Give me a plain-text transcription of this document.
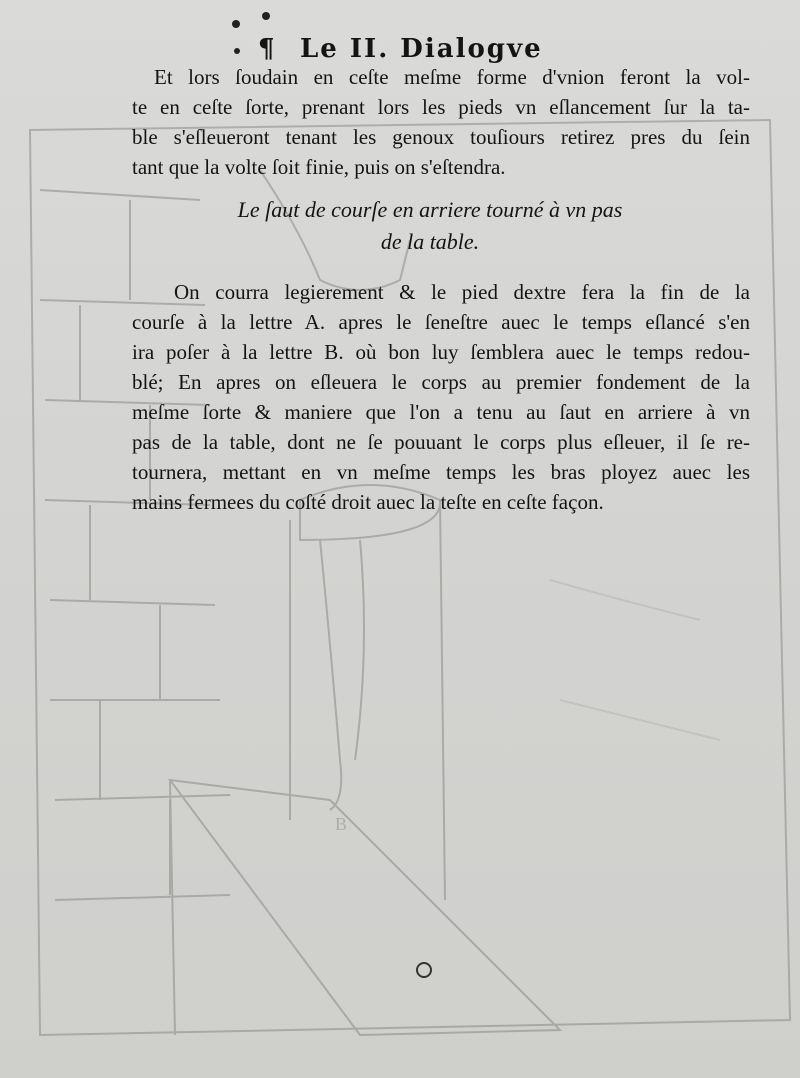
B
¶ Le II. Dialogve
Et lors ſoudain en ceſte meſme forme d'vnion feront la vol-
te en ceſte ſorte, prenant lors les pieds vn eſlancement ſur la ta-
ble s'eſleueront tenant les genoux touſiours retirez pres du ſein
tant que la volte ſoit finie, puis on s'eſtendra.
Le ſaut de courſe en arriere tourné à vn pas
de la table.
On courra legierement & le pied dextre fera la fin de la
courſe à la lettre A. apres le ſeneſtre auec le temps eſlancé s'en
ira poſer à la lettre B. où bon luy ſemblera auec le temps redou-
blé; En apres on eſleuera le corps au premier fondement de la
meſme ſorte & maniere que l'on a tenu au ſaut en arriere à vn
pas de la table, dont ne ſe pouuant le corps plus eſleuer, il ſe re-
tournera, mettant en vn meſme temps les bras ployez auec les
mains fermees du coſté droit auec la teſte en ceſte façon.
